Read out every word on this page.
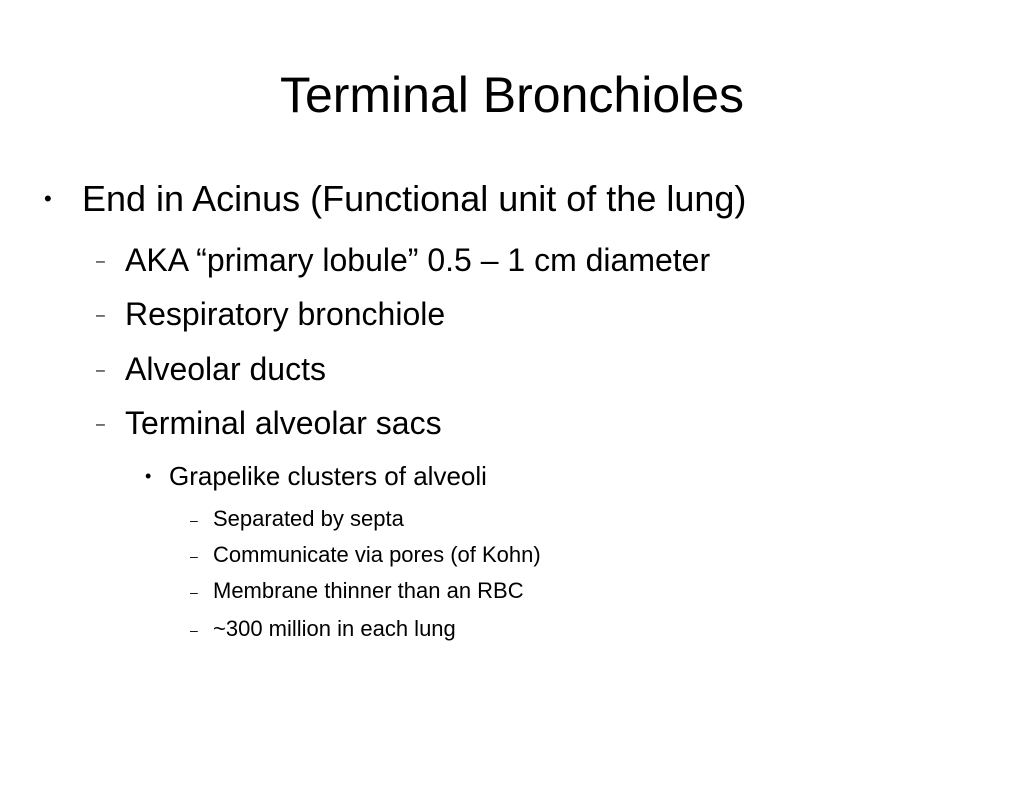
Terminal Bronchioles
• End in Acinus (Functional unit of the lung)
– AKA “primary lobule” 0.5 – 1 cm diameter
– Respiratory bronchiole
– Alveolar ducts
– Terminal alveolar sacs
• Grapelike clusters of alveoli
– Separated by septa
– Communicate via pores (of Kohn)
– Membrane thinner than an RBC
– ~300 million in each lung
